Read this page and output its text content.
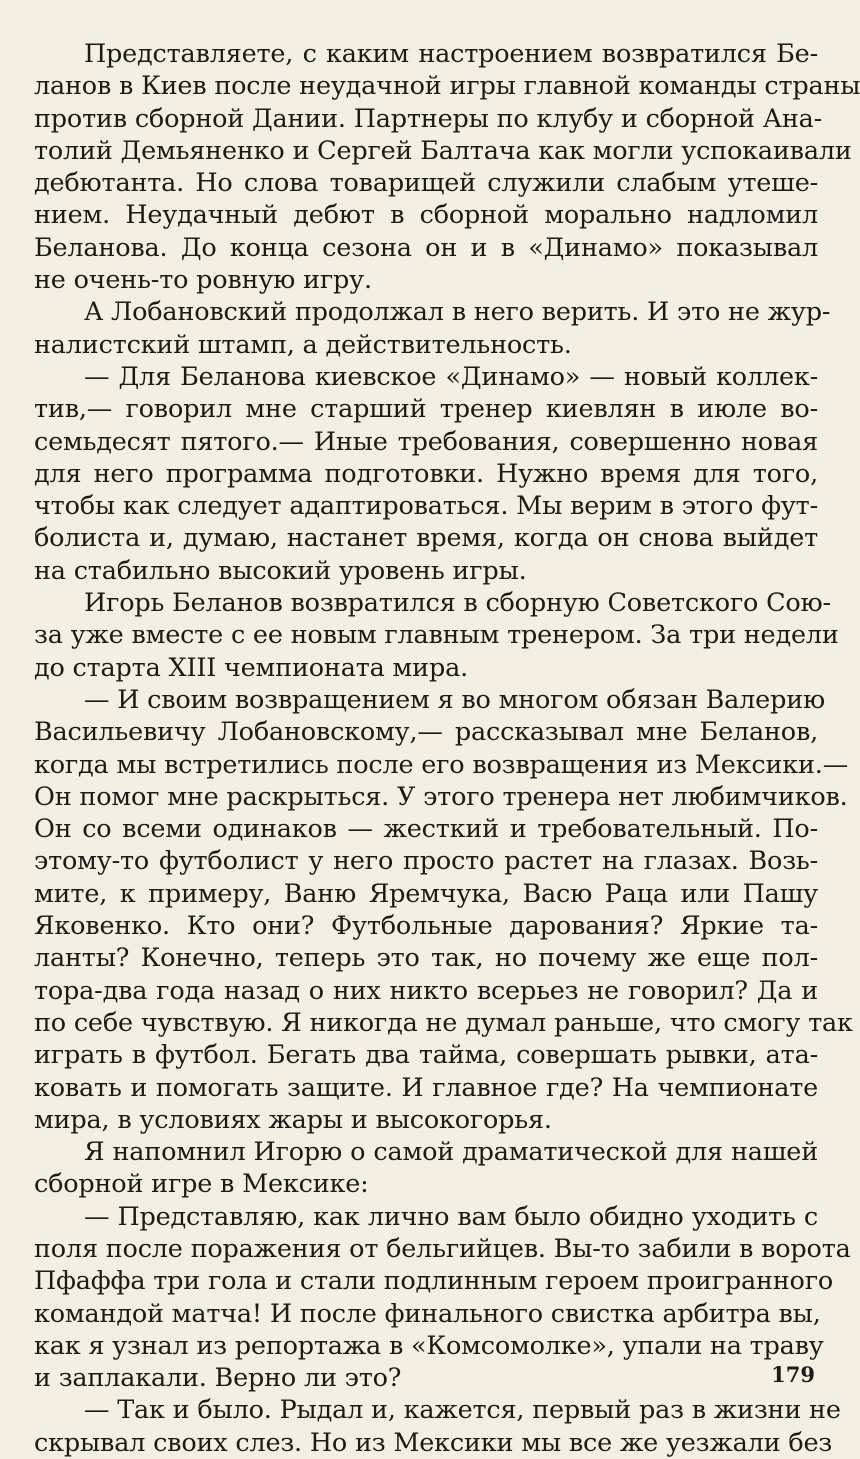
Представляете, с каким настроением возвратился Бе-
ланов в Киев после неудачной игры главной команды страны
против сборной Дании. Партнеры по клубу и сборной Ана-
толий Демьяненко и Сергей Балтача как могли успокаивали
дебютанта. Но слова товарищей служили слабым утеше-
нием. Неудачный дебют в сборной морально надломил
Беланова. До конца сезона он и в «Динамо» показывал
не очень-то ровную игру.
А Лобановский продолжал в него верить. И это не жур-
налистский штамп, а действительность.
— Для Беланова киевское «Динамо» — новый коллек-
тив,— говорил мне старший тренер киевлян в июле во-
семьдесят пятого.— Иные требования, совершенно новая
для него программа подготовки. Нужно время для того,
чтобы как следует адаптироваться. Мы верим в этого фут-
болиста и, думаю, настанет время, когда он снова выйдет
на стабильно высокий уровень игры.
Игорь Беланов возвратился в сборную Советского Сою-
за уже вместе с ее новым главным тренером. За три недели
до старта XIII чемпионата мира.
— И своим возвращением я во многом обязан Валерию
Васильевичу Лобановскому,— рассказывал мне Беланов,
когда мы встретились после его возвращения из Мексики.—
Он помог мне раскрыться. У этого тренера нет любимчиков.
Он со всеми одинаков — жесткий и требовательный. По-
этому-то футболист у него просто растет на глазах. Возь-
мите, к примеру, Ваню Яремчука, Васю Раца или Пашу
Яковенко. Кто они? Футбольные дарования? Яркие та-
ланты? Конечно, теперь это так, но почему же еще пол-
тора-два года назад о них никто всерьез не говорил? Да и
по себе чувствую. Я никогда не думал раньше, что смогу так
играть в футбол. Бегать два тайма, совершать рывки, ата-
ковать и помогать защите. И главное где? На чемпионате
мира, в условиях жары и высокогорья.
Я напомнил Игорю о самой драматической для нашей
сборной игре в Мексике:
— Представляю, как лично вам было обидно уходить с
поля после поражения от бельгийцев. Вы-то забили в ворота
Пфаффа три гола и стали подлинным героем проигранного
командой матча! И после финального свистка арбитра вы,
как я узнал из репортажа в «Комсомолке», упали на траву
и заплакали. Верно ли это?
— Так и было. Рыдал и, кажется, первый раз в жизни не
скрывал своих слез. Но из Мексики мы все же уезжали без
179
